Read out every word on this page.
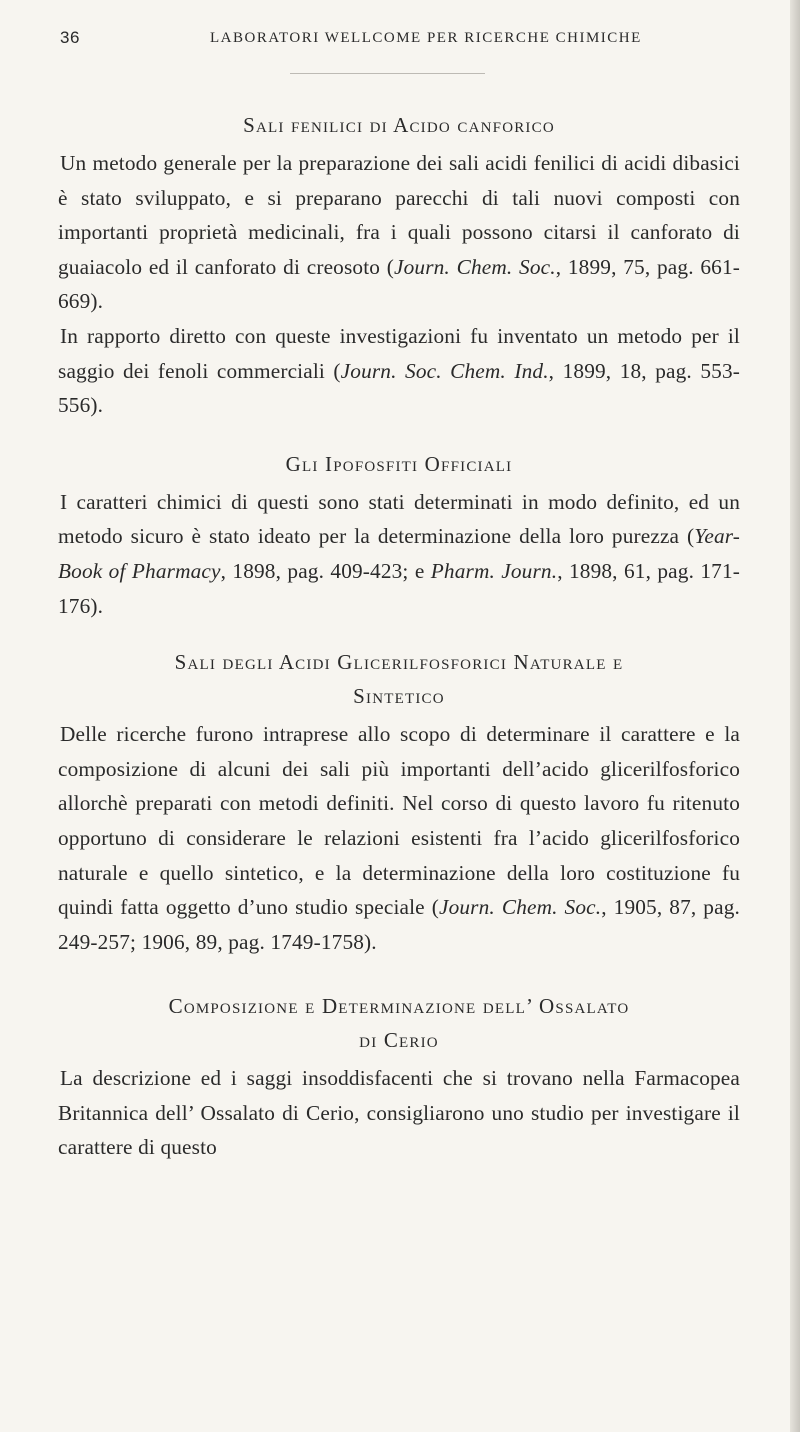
36	LABORATORI WELLCOME PER RICERCHE CHIMICHE
Sali fenilici di Acido canforico

Un metodo generale per la preparazione dei sali acidi fenilici di acidi dibasici è stato sviluppato, e si preparano parecchi di tali nuovi composti con importanti proprietà medicinali, fra i quali possono citarsi il canforato di guaiacolo ed il canforato di creosoto (Journ. Chem. Soc., 1899, 75, pag. 661-669).

In rapporto diretto con queste investigazioni fu inventato un metodo per il saggio dei fenoli commerciali (Journ. Soc. Chem. Ind., 1899, 18, pag. 553-556).

Gli Ipofosfiti Officiali

I caratteri chimici di questi sono stati determinati in modo definito, ed un metodo sicuro è stato ideato per la determinazione della loro purezza (Year-Book of Pharmacy, 1898, pag. 409-423; e Pharm. Journ., 1898, 61, pag. 171-176).

Sali degli Acidi Glicerilfosforici Naturale e
Sintetico

Delle ricerche furono intraprese allo scopo di determinare il carattere e la composizione di alcuni dei sali più importanti dell’acido glicerilfosforico allorchè preparati con metodi definiti. Nel corso di questo lavoro fu ritenuto opportuno di considerare le relazioni esistenti fra l’acido glicerilfosforico naturale e quello sintetico, e la determinazione della loro costituzione fu quindi fatta oggetto d’uno studio speciale (Journ. Chem. Soc., 1905, 87, pag. 249-257; 1906, 89, pag. 1749-1758).

Composizione e Determinazione dell’ Ossalato
di Cerio

La descrizione ed i saggi insoddisfacenti che si trovano nella Farmacopea Britannica dell’ Ossalato di Cerio, consigliarono uno studio per investigare il carattere di questo
